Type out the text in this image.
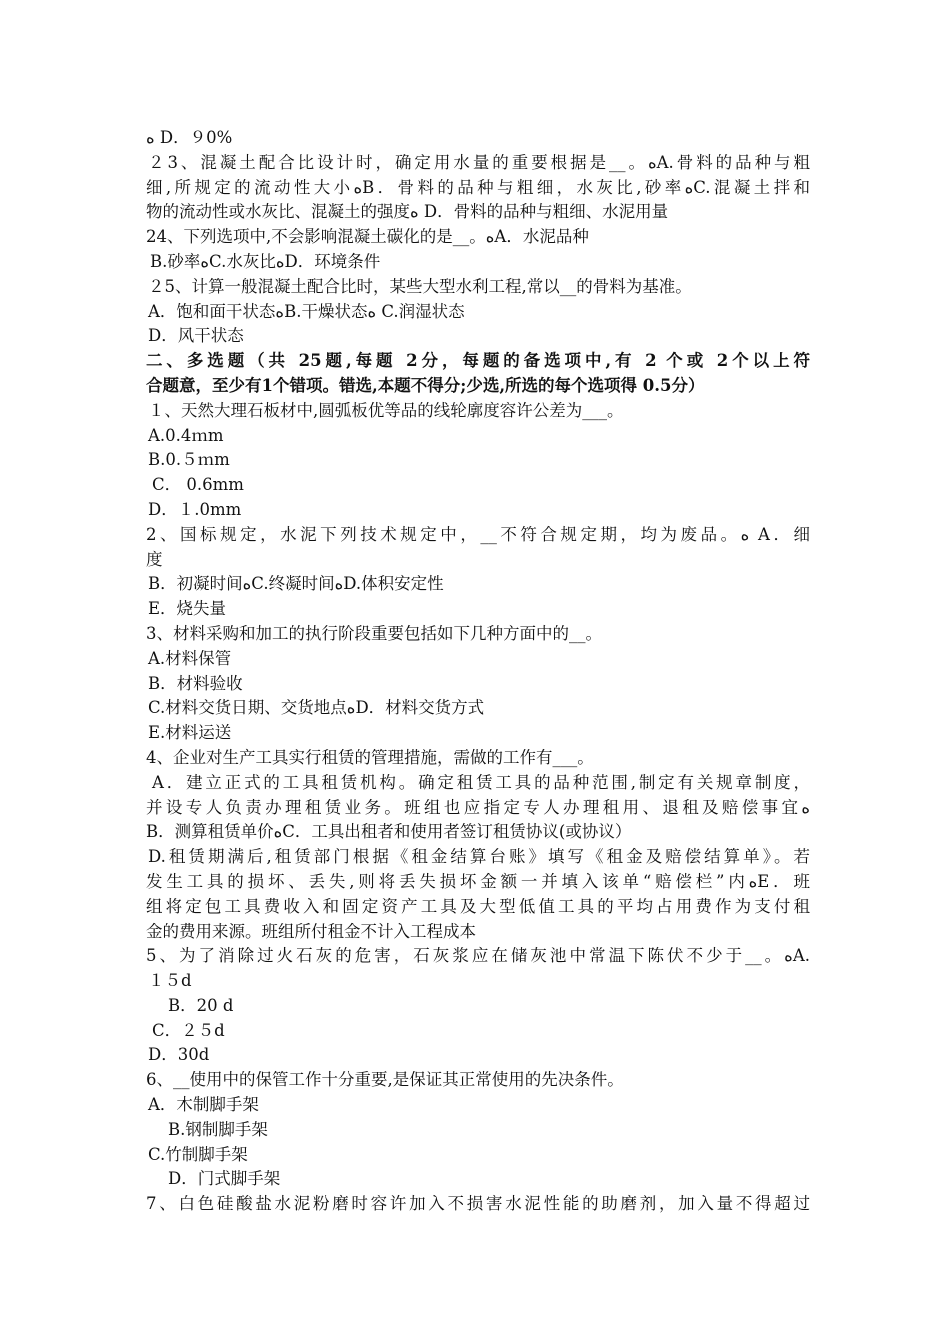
ﻩ D．９0%
２3、混凝土配合比设计时，确定用水量的重要根据是__。ﻩA.骨料的品种与粗
细,所规定的流动性大小ﻩB．骨料的品种与粗细，水灰比,砂率ﻩC.混凝土拌和
物的流动性或水灰比、混凝土的强度ﻩ D．骨料的品种与粗细、水泥用量
24、下列选项中,不会影响混凝土碳化的是__。ﻩA．水泥品种
B.砂率ﻩC.水灰比ﻩD．环境条件
２5、计算一般混凝土配合比时，某些大型水利工程,常以__的骨料为基准。
A．饱和面干状态ﻩB.干燥状态ﻩ C.润湿状态
D．风干状态
二、多选题（共 25题,每题 2分，每题的备选项中,有 2 个或 2个以上符
合题意，至少有1个错项。错选,本题不得分;少选,所选的每个选项得 0.5分）
１、天然大理石板材中,圆弧板优等品的线轮廓度容许公差为___。
A.0.4ｍm
B.0.５ｍm
C． 0.6mm
D．１.0mm
2、国标规定，水泥下列技术规定中，__不符合规定期，均为废品。ﻩ A．细
度
B．初凝时间ﻩC.终凝时间ﻩD.体积安定性
E．烧失量
3、材料采购和加工的执行阶段重要包括如下几种方面中的__。
A.材料保管
B．材料验收
C.材料交货日期、交货地点ﻩD．材料交货方式
E.材料运送
4、企业对生产工具实行租赁的管理措施，需做的工作有___。
A．建立正式的工具租赁机构。确定租赁工具的品种范围,制定有关规章制度，
并设专人负责办理租赁业务。班组也应指定专人办理租用、退租及赔偿事宜ﻩ
B．测算租赁单价ﻩC．工具出租者和使用者签订租赁协议(或协议）
D.租赁期满后,租赁部门根据《租金结算台账》填写《租金及赔偿结算单》。若
发生工具的损坏、丢失,则将丢失损坏金额一并填入该单“赔偿栏”内ﻩE．班
组将定包工具费收入和固定资产工具及大型低值工具的平均占用费作为支付租
金的费用来源。班组所付租金不计入工程成本
5、为了消除过火石灰的危害，石灰浆应在储灰池中常温下陈伏不少于__。ﻩA.
１５d
B．20 d
C．２５d
D．30d
6、__使用中的保管工作十分重要,是保证其正常使用的先决条件。
A．木制脚手架
B.钢制脚手架
C.竹制脚手架
D．门式脚手架
7、白色硅酸盐水泥粉磨时容许加入不损害水泥性能的助磨剂，加入量不得超过
